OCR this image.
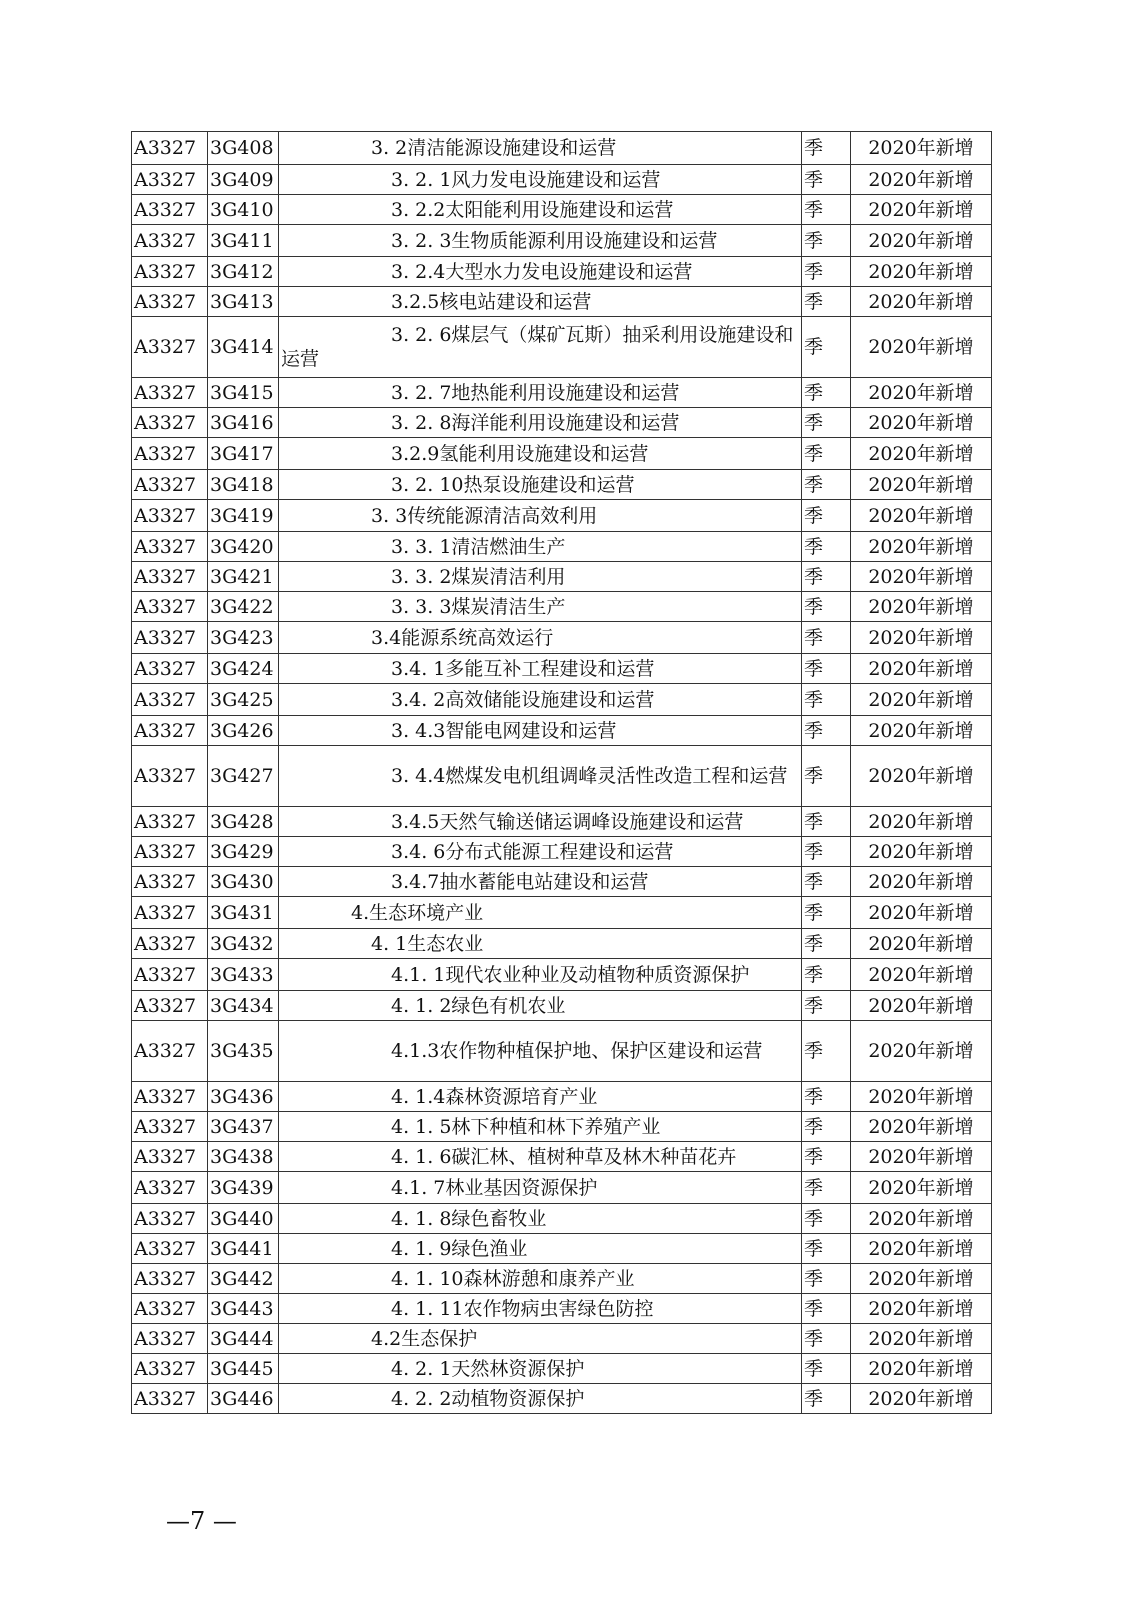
A3327	3G408	3. 2清洁能源设施建设和运营	季	2020年新增
A3327	3G409	3. 2. 1风力发电设施建设和运营	季	2020年新增
A3327	3G410	3. 2.2太阳能利用设施建设和运营	季	2020年新增
A3327	3G411	3. 2. 3生物质能源利用设施建设和运营	季	2020年新增
A3327	3G412	3. 2.4大型水力发电设施建设和运营	季	2020年新增
A3327	3G413	3.2.5核电站建设和运营	季	2020年新增
A3327	3G414	3. 2. 6煤层气（煤矿瓦斯）抽采利用设施建设和运营	季	2020年新增
A3327	3G415	3. 2. 7地热能利用设施建设和运营	季	2020年新增
A3327	3G416	3. 2. 8海洋能利用设施建设和运营	季	2020年新增
A3327	3G417	3.2.9氢能利用设施建设和运营	季	2020年新增
A3327	3G418	3. 2. 10热泵设施建设和运营	季	2020年新增
A3327	3G419	3. 3传统能源清洁高效利用	季	2020年新增
A3327	3G420	3. 3. 1清洁燃油生产	季	2020年新增
A3327	3G421	3. 3. 2煤炭清洁利用	季	2020年新增
A3327	3G422	3. 3. 3煤炭清洁生产	季	2020年新增
A3327	3G423	3.4能源系统高效运行	季	2020年新增
A3327	3G424	3.4. 1多能互补工程建设和运营	季	2020年新增
A3327	3G425	3.4. 2高效储能设施建设和运营	季	2020年新增
A3327	3G426	3. 4.3智能电网建设和运营	季	2020年新增
A3327	3G427	3. 4.4燃煤发电机组调峰灵活性改造工程和运营	季	2020年新增
A3327	3G428	3.4.5天然气输送储运调峰设施建设和运营	季	2020年新增
A3327	3G429	3.4. 6分布式能源工程建设和运营	季	2020年新增
A3327	3G430	3.4.7抽水蓄能电站建设和运营	季	2020年新增
A3327	3G431	4.生态环境产业	季	2020年新增
A3327	3G432	4. 1生态农业	季	2020年新增
A3327	3G433	4.1. 1现代农业种业及动植物种质资源保护	季	2020年新增
A3327	3G434	4. 1. 2绿色有机农业	季	2020年新增
A3327	3G435	4.1.3农作物种植保护地、保护区建设和运营	季	2020年新增
A3327	3G436	4. 1.4森林资源培育产业	季	2020年新增
A3327	3G437	4. 1. 5林下种植和林下养殖产业	季	2020年新增
A3327	3G438	4. 1. 6碳汇林、植树种草及林木种苗花卉	季	2020年新增
A3327	3G439	4.1. 7林业基因资源保护	季	2020年新增
A3327	3G440	4. 1. 8绿色畜牧业	季	2020年新增
A3327	3G441	4. 1. 9绿色渔业	季	2020年新增
A3327	3G442	4. 1. 10森林游憩和康养产业	季	2020年新增
A3327	3G443	4. 1. 11农作物病虫害绿色防控	季	2020年新增
A3327	3G444	4.2生态保护	季	2020年新增
A3327	3G445	4. 2. 1天然林资源保护	季	2020年新增
A3327	3G446	4. 2. 2动植物资源保护	季	2020年新增
—7 —
